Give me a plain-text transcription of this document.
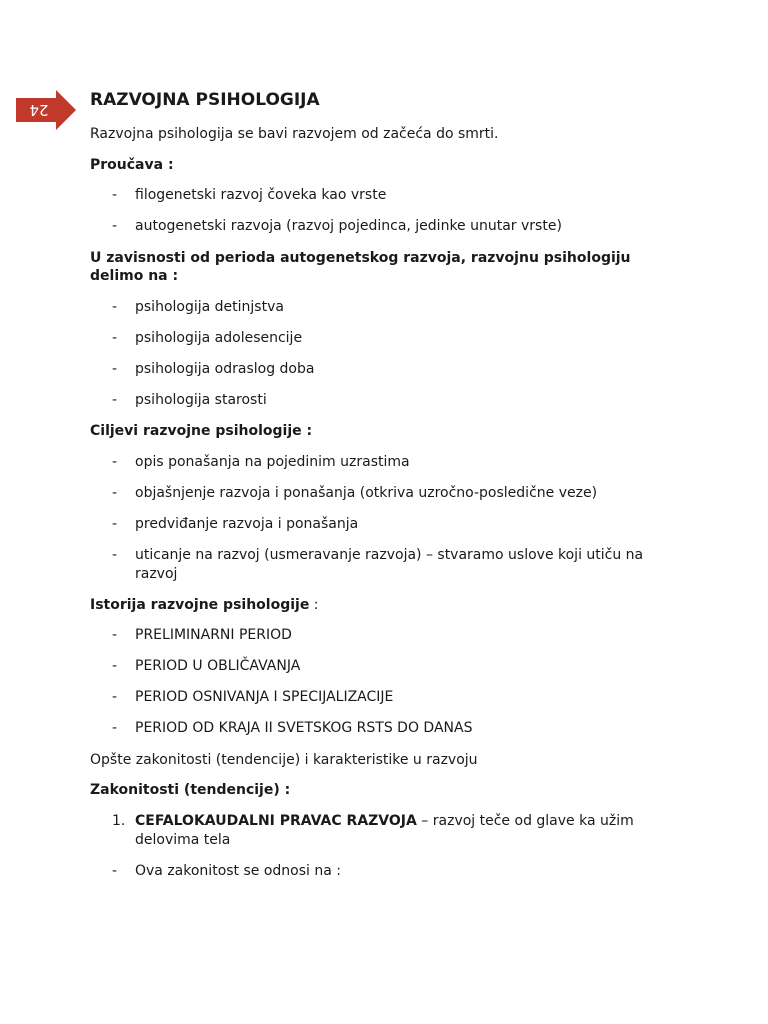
24	RAZVOJNA PSIHOLOGIJA
Razvojna psihologija se bavi razvojem od začeća do smrti.
Proučava :
- filogenetski razvoj čoveka kao vrste
- autogenetski razvoja (razvoj pojedinca, jedinke unutar vrste)
U zavisnosti od perioda autogenetskog razvoja, razvojnu psihologiju delimo na :
- psihologija detinjstva
- psihologija adolesencije
- psihologija odraslog doba
- psihologija starosti
Ciljevi razvojne psihologije :
- opis ponašanja na pojedinim uzrastima
- objašnjenje razvoja i ponašanja (otkriva uzročno-posledične veze)
- predviđanje razvoja i ponašanja
- uticanje na razvoj (usmeravanje razvoja) – stvaramo uslove koji utiču na razvoj
Istorija razvojne psihologije :
- PRELIMINARNI PERIOD
- PERIOD U OBLIČAVANJA
- PERIOD OSNIVANJA I SPECIJALIZACIJE
- PERIOD OD KRAJA II SVETSKOG RSTS DO DANAS
Opšte zakonitosti (tendencije) i karakteristike u razvoju
Zakonitosti (tendencije) :
1. CEFALOKAUDALNI PRAVAC RAZVOJA – razvoj teče od glave ka užim delovima tela
- Ova zakonitost se odnosi na :
